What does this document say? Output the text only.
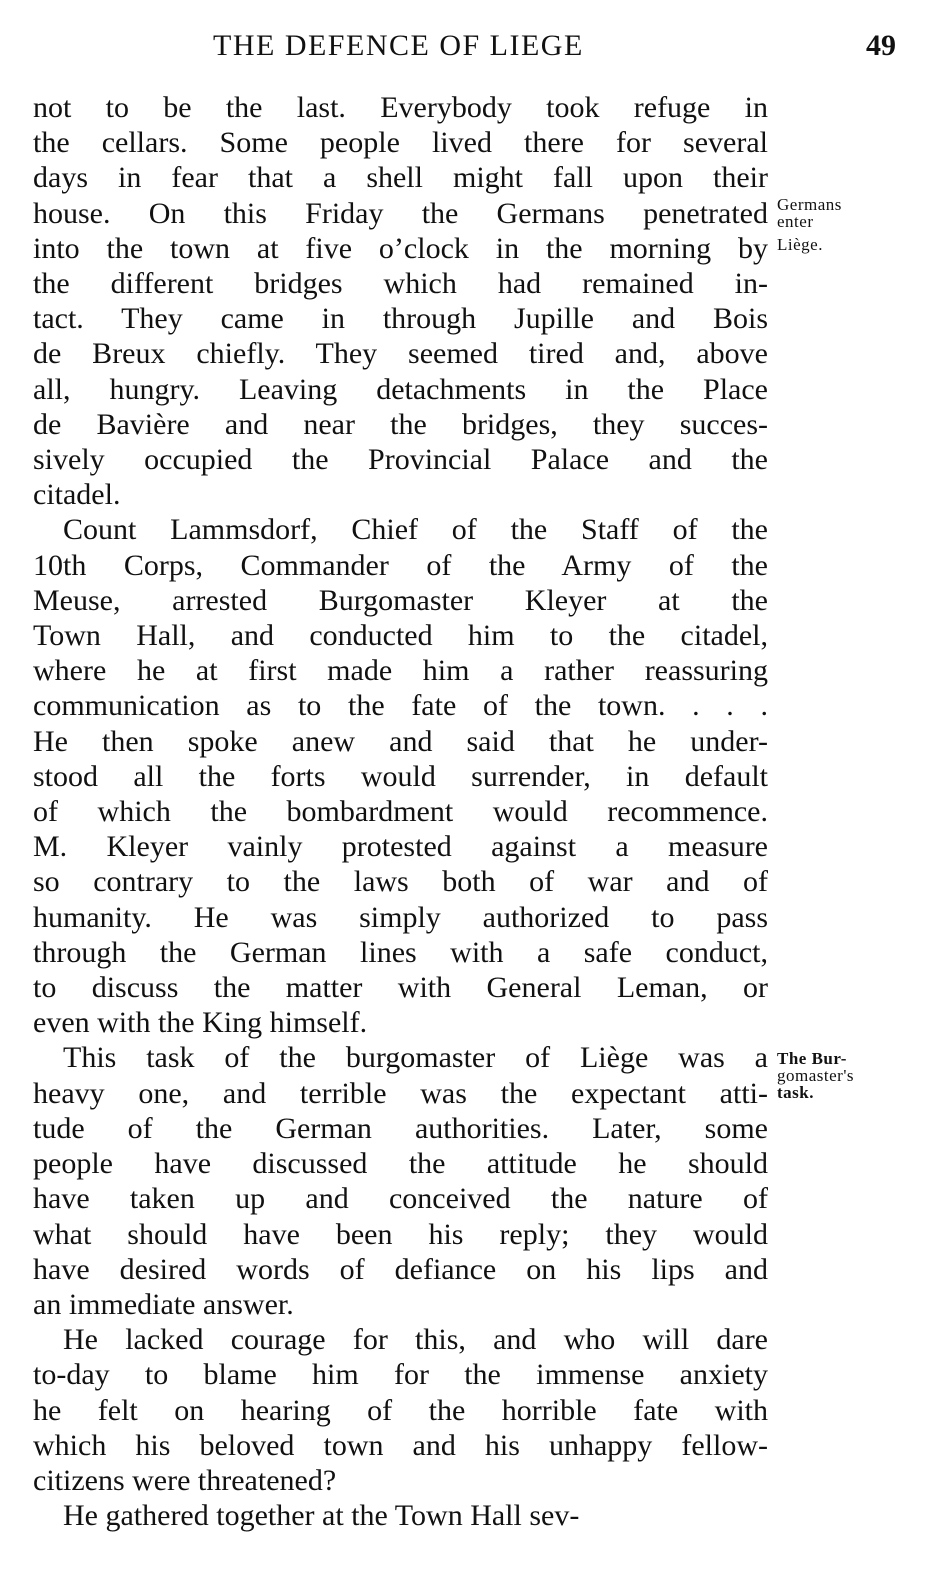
THE DEFENCE OF LIEGE	49
not to be the last. Everybody took refuge in
the cellars. Some people lived there for several
days in fear that a shell might fall upon their
house. On this Friday the Germans penetrated
into the town at five o’clock in the morning by
the different bridges which had remained in-
tact. They came in through Jupille and Bois
de Breux chiefly. They seemed tired and, above
all, hungry. Leaving detachments in the Place
de Bavière and near the bridges, they succes-
sively occupied the Provincial Palace and the
citadel.
Count Lammsdorf, Chief of the Staff of the
10th Corps, Commander of the Army of the
Meuse, arrested Burgomaster Kleyer at the
Town Hall, and conducted him to the citadel,
where he at first made him a rather reassuring
communication as to the fate of the town. . . .
He then spoke anew and said that he under-
stood all the forts would surrender, in default
of which the bombardment would recommence.
M. Kleyer vainly protested against a measure
so contrary to the laws both of war and of
humanity. He was simply authorized to pass
through the German lines with a safe conduct,
to discuss the matter with General Leman, or
even with the King himself.
This task of the burgomaster of Liège was a
heavy one, and terrible was the expectant atti-
tude of the German authorities. Later, some
people have discussed the attitude he should
have taken up and conceived the nature of
what should have been his reply; they would
have desired words of defiance on his lips and
an immediate answer.
He lacked courage for this, and who will dare
to-day to blame him for the immense anxiety
he felt on hearing of the horrible fate with
which his beloved town and his unhappy fellow-
citizens were threatened?
He gathered together at the Town Hall sev-
Germans
enter
Liège.
The Bur-
gomaster's
task.
